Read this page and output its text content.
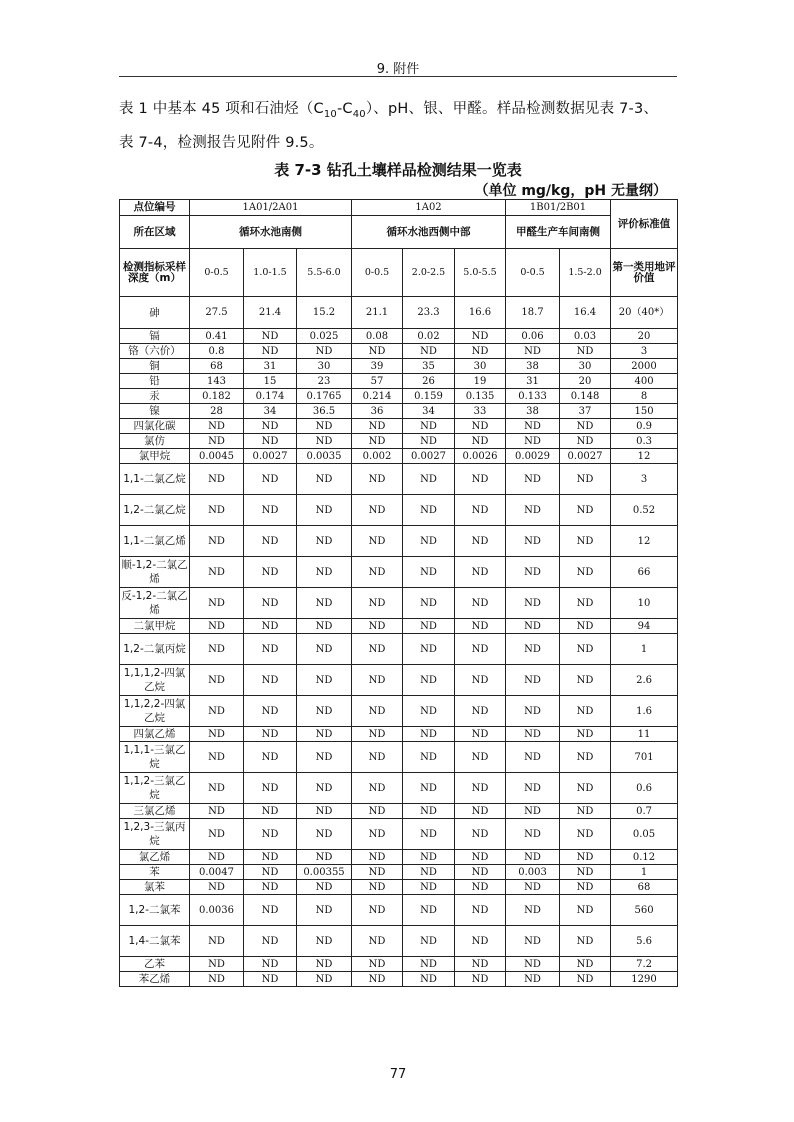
9. 附件
表 1 中基本 45 项和石油烃$(C_{10}-C_{40})$、pH、银、甲醛。样品检测数据见表 7-3、
表 7-4，检测报告见附件 9.5。
表 7-3 钻孔土壤样品检测结果一览表
（单位 mg/kg，pH 无量纲）
点位编号	1A01/2A01			1A02			1B01/2B01		评价标准值
所在区域	循环水池南侧			循环水池西侧中部			甲醛生产车间南侧		
检测指标采样深度（m）	0-0.5	1.0-1.5	5.5-6.0	0-0.5	2.0-2.5	5.0-5.5	0-0.5	1.5-2.0	第一类用地评价值
砷	27.5	21.4	15.2	21.1	23.3	16.6	18.7	16.4	20（40*）
镉	0.41	ND	0.025	0.08	0.02	ND	0.06	0.03	20
铬（六价）	0.8	ND	ND	ND	ND	ND	ND	ND	3
铜	68	31	30	39	35	30	38	30	2000
铅	143	15	23	57	26	19	31	20	400
汞	0.182	0.174	0.1765	0.214	0.159	0.135	0.133	0.148	8
镍	28	34	36.5	36	34	33	38	37	150
四氯化碳	ND	ND	ND	ND	ND	ND	ND	ND	0.9
氯仿	ND	ND	ND	ND	ND	ND	ND	ND	0.3
氯甲烷	0.0045	0.0027	0.0035	0.002	0.0027	0.0026	0.0029	0.0027	12
1,1-二氯乙烷	ND	ND	ND	ND	ND	ND	ND	ND	3
1,2-二氯乙烷	ND	ND	ND	ND	ND	ND	ND	ND	0.52
1,1-二氯乙烯	ND	ND	ND	ND	ND	ND	ND	ND	12
顺-1,2-二氯乙烯	ND	ND	ND	ND	ND	ND	ND	ND	66
反-1,2-二氯乙烯	ND	ND	ND	ND	ND	ND	ND	ND	10
二氯甲烷	ND	ND	ND	ND	ND	ND	ND	ND	94
1,2-二氯丙烷	ND	ND	ND	ND	ND	ND	ND	ND	1
1,1,1,2-四氯乙烷	ND	ND	ND	ND	ND	ND	ND	ND	2.6
1,1,2,2-四氯乙烷	ND	ND	ND	ND	ND	ND	ND	ND	1.6
四氯乙烯	ND	ND	ND	ND	ND	ND	ND	ND	11
1,1,1-三氯乙烷	ND	ND	ND	ND	ND	ND	ND	ND	701
1,1,2-三氯乙烷	ND	ND	ND	ND	ND	ND	ND	ND	0.6
三氯乙烯	ND	ND	ND	ND	ND	ND	ND	ND	0.7
1,2,3-三氯丙烷	ND	ND	ND	ND	ND	ND	ND	ND	0.05
氯乙烯	ND	ND	ND	ND	ND	ND	ND	ND	0.12
苯	0.0047	ND	0.00355	ND	ND	ND	0.003	ND	1
氯苯	ND	ND	ND	ND	ND	ND	ND	ND	68
1,2-二氯苯	0.0036	ND	ND	ND	ND	ND	ND	ND	560
1,4-二氯苯	ND	ND	ND	ND	ND	ND	ND	ND	5.6
乙苯	ND	ND	ND	ND	ND	ND	ND	ND	7.2
苯乙烯	ND	ND	ND	ND	ND	ND	ND	ND	1290
77
